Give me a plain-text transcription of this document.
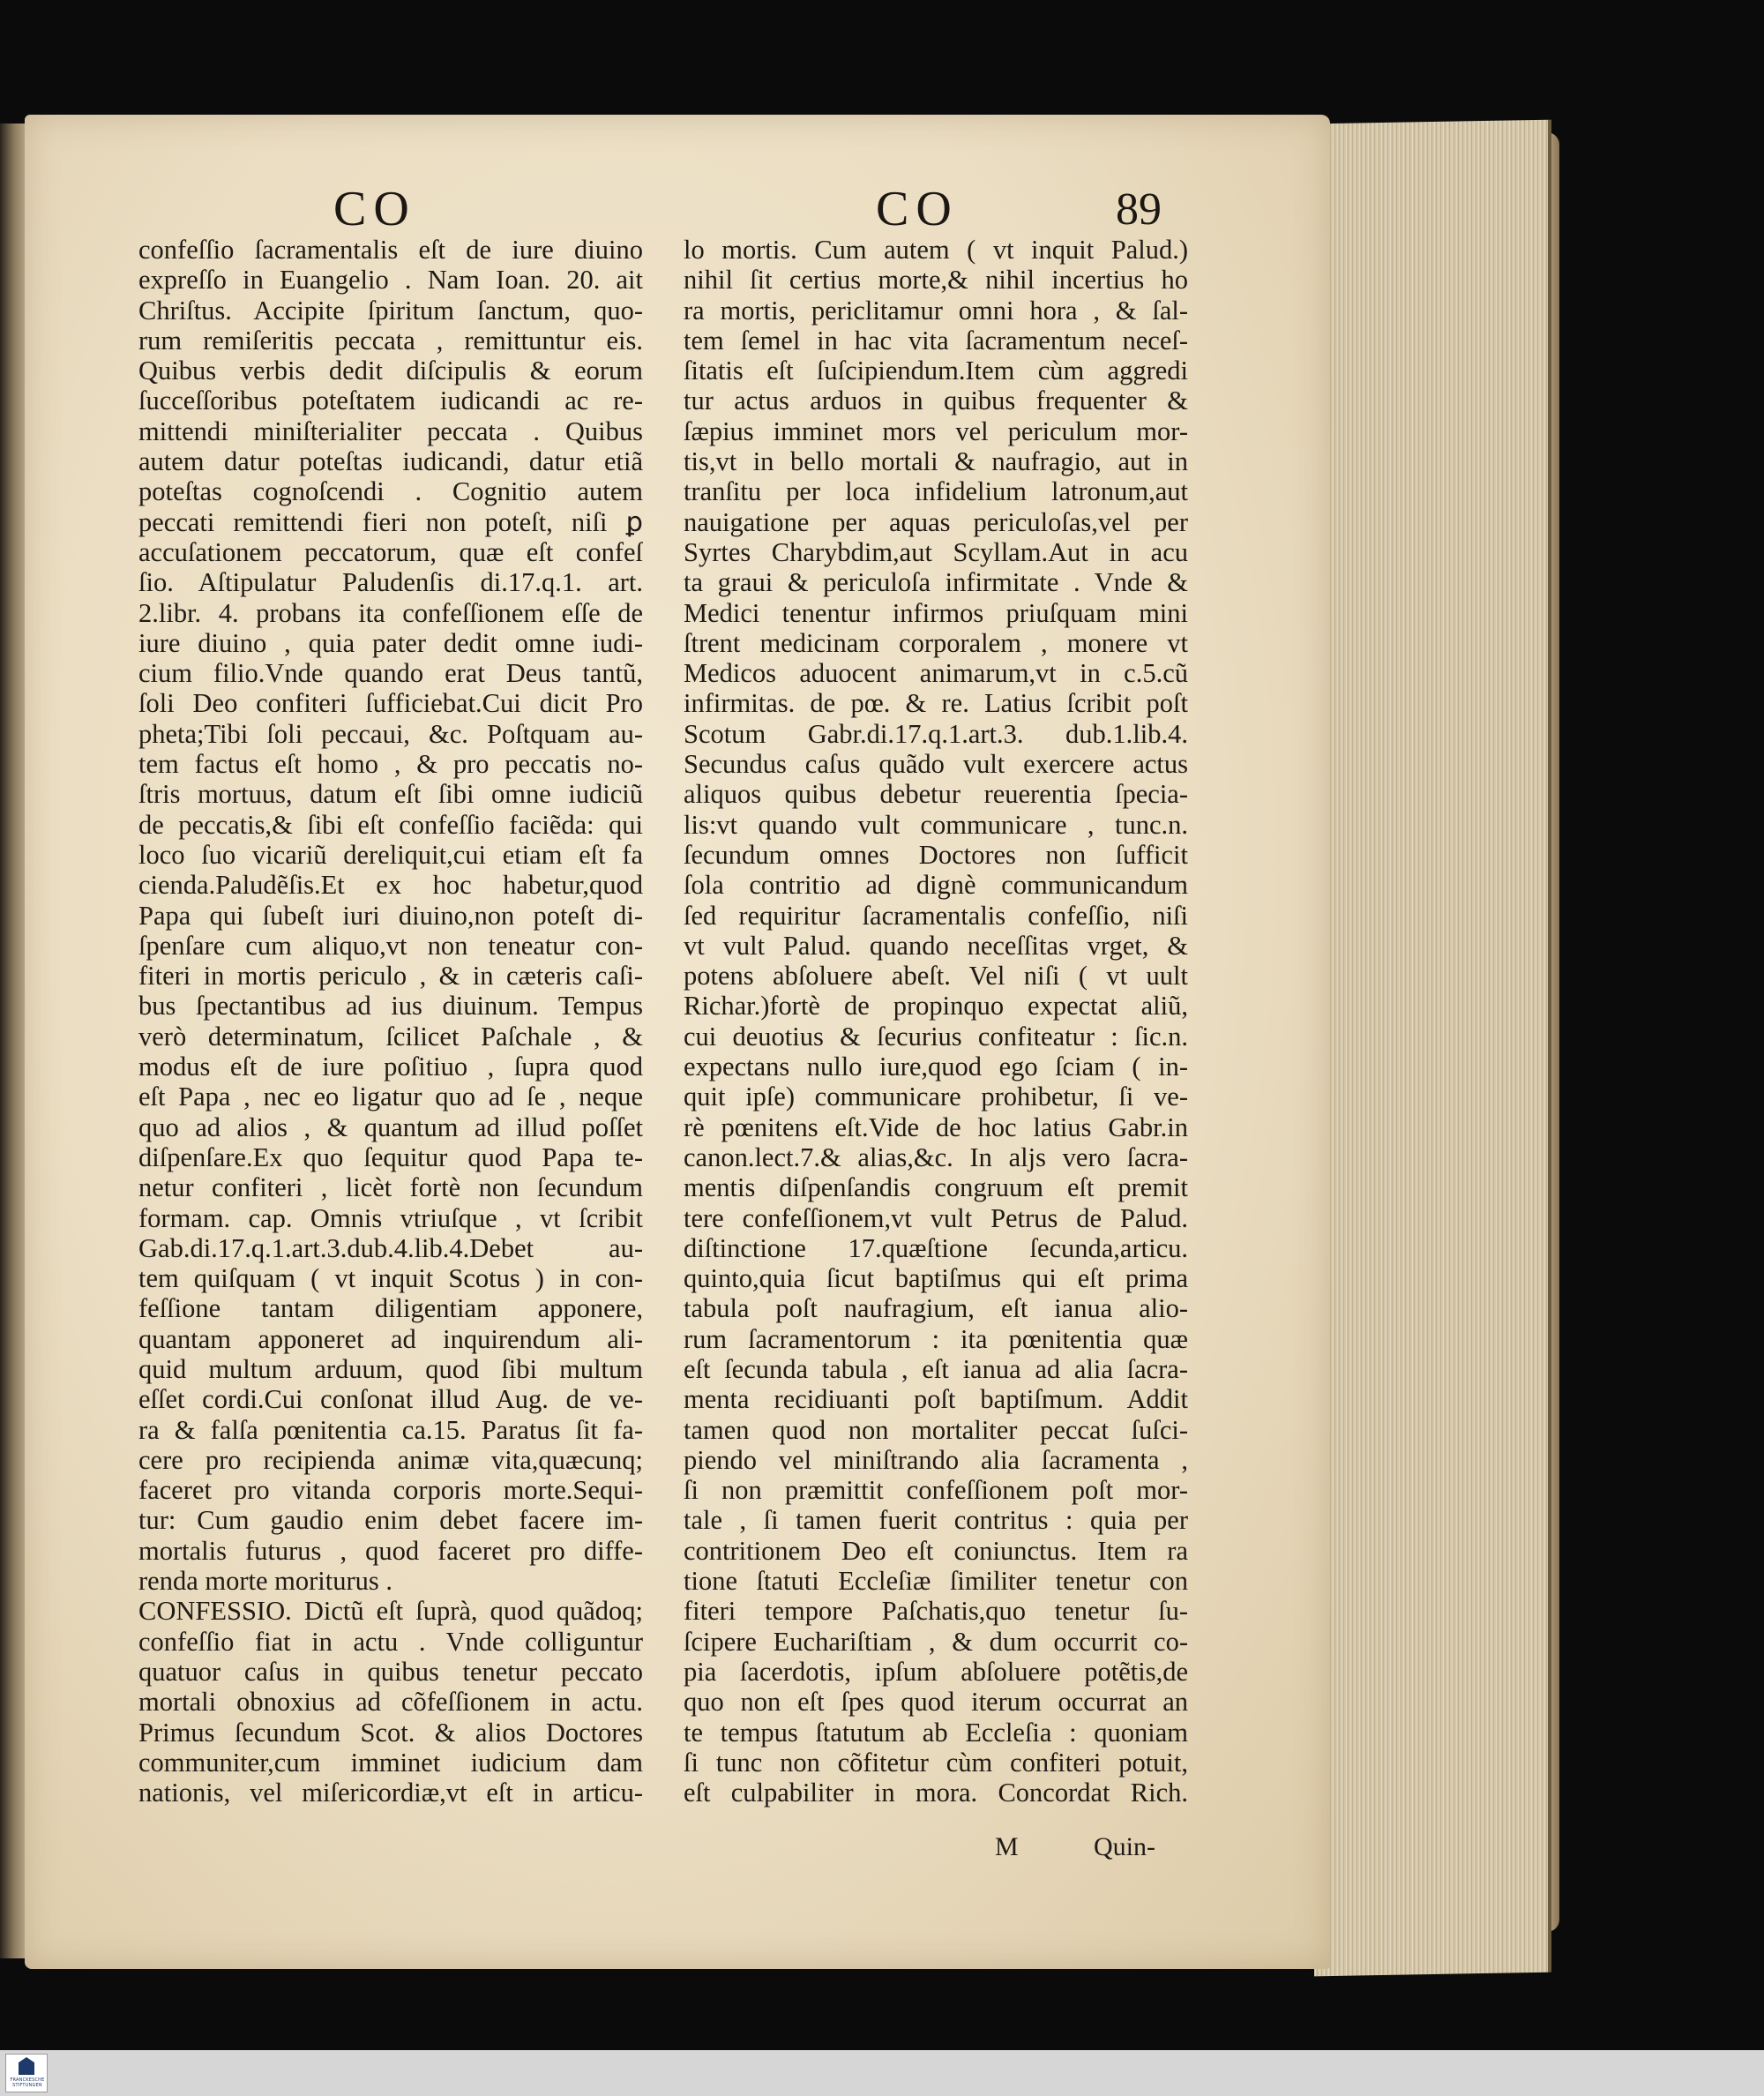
CO	CO	89

confeſſio ſacramentalis eſt de iure diuino

expreſſo in Euangelio . Nam Ioan. 20. ait

Chriſtus. Accipite ſpiritum ſanctum, quo-

rum remiſeritis peccata , remittuntur eis.

Quibus verbis dedit diſcipulis & eorum

ſucceſſoribus poteſtatem iudicandi ac re-

mittendi miniſterialiter peccata . Quibus

autem datur poteſtas iudicandi, datur etiã

poteſtas cognoſcendi . Cognitio autem

peccati remittendi fieri non poteſt, niſi ꝑ

accuſationem peccatorum, quæ eſt confeſ

ſio. Aſtipulatur Paludenſis di.17.q.1. art.

2.libr. 4. probans ita confeſſionem eſſe de

iure diuino , quia pater dedit omne iudi-

cium filio.Vnde quando erat Deus tantũ,

ſoli Deo confiteri ſufficiebat.Cui dicit Pro

pheta;Tibi ſoli peccaui, &c. Poſtquam au-

tem factus eſt homo , & pro peccatis no-

ſtris mortuus, datum eſt ſibi omne iudiciũ

de peccatis,& ſibi eſt confeſſio faciẽda: qui

loco ſuo vicariũ dereliquit,cui etiam eſt fa

cienda.Paludẽſis.Et ex hoc habetur,quod

Papa qui ſubeſt iuri diuino,non poteſt di-

ſpenſare cum aliquo,vt non teneatur con-

fiteri in mortis periculo , & in cæteris caſi-

bus ſpectantibus ad ius diuinum. Tempus

verò determinatum, ſcilicet Paſchale , &

modus eſt de iure poſitiuo , ſupra quod

eſt Papa , nec eo ligatur quo ad ſe , neque

quo ad alios , & quantum ad illud poſſet

diſpenſare.Ex quo ſequitur quod Papa te-

netur confiteri , licèt fortè non ſecundum

formam. cap. Omnis vtriuſque , vt ſcribit

Gab.di.17.q.1.art.3.dub.4.lib.4.Debet au-

tem quiſquam ( vt inquit Scotus ) in con-

feſſione tantam diligentiam apponere,

quantam apponeret ad inquirendum ali-

quid multum arduum, quod ſibi multum

eſſet cordi.Cui conſonat illud Aug. de ve-

ra & falſa pœnitentia ca.15. Paratus ſit fa-

cere pro recipienda animæ vita,quæcunq;

faceret pro vitanda corporis morte.Sequi-

tur: Cum gaudio enim debet facere im-

mortalis futurus , quod faceret pro diffe-

renda morte moriturus .

CONFESSIO. Dictũ eſt ſuprà, quod quãdoq;

confeſſio fiat in actu . Vnde colliguntur

quatuor caſus in quibus tenetur peccato

mortali obnoxius ad cõfeſſionem in actu.

Primus ſecundum Scot. & alios Doctores

communiter,cum imminet iudicium dam

nationis, vel miſericordiæ,vt eſt in articu-

lo mortis. Cum autem ( vt inquit Palud.)

nihil ſit certius morte,& nihil incertius ho

ra mortis, periclitamur omni hora , & ſal-

tem ſemel in hac vita ſacramentum neceſ-

ſitatis eſt ſuſcipiendum.Item cùm aggredi

tur actus arduos in quibus frequenter &

ſæpius imminet mors vel periculum mor-

tis,vt in bello mortali & naufragio, aut in

tranſitu per loca infidelium latronum,aut

nauigatione per aquas periculoſas,vel per

Syrtes Charybdim,aut Scyllam.Aut in acu

ta graui & periculoſa infirmitate . Vnde &

Medici tenentur infirmos priuſquam mini

ſtrent medicinam corporalem , monere vt

Medicos aduocent animarum,vt in c.5.cũ

infirmitas. de pœ. & re. Latius ſcribit poſt

Scotum Gabr.di.17.q.1.art.3. dub.1.lib.4.

Secundus caſus quãdo vult exercere actus

aliquos quibus debetur reuerentia ſpecia-

lis:vt quando vult communicare , tunc.n.

ſecundum omnes Doctores non ſufficit

ſola contritio ad dignè communicandum

ſed requiritur ſacramentalis confeſſio, niſi

vt vult Palud. quando neceſſitas vrget, &

potens abſoluere abeſt. Vel niſi ( vt uult

Richar.)fortè de propinquo expectat aliũ,

cui deuotius & ſecurius confiteatur : ſic.n.

expectans nullo iure,quod ego ſciam ( in-

quit ipſe) communicare prohibetur, ſi ve-

rè pœnitens eſt.Vide de hoc latius Gabr.in

canon.lect.7.& alias,&c. In aljs vero ſacra-

mentis diſpenſandis congruum eſt premit

tere confeſſionem,vt vult Petrus de Palud.

diſtinctione 17.quæſtione ſecunda,articu.

quinto,quia ſicut baptiſmus qui eſt prima

tabula poſt naufragium, eſt ianua alio-

rum ſacramentorum : ita pœnitentia quæ

eſt ſecunda tabula , eſt ianua ad alia ſacra-

menta recidiuanti poſt baptiſmum. Addit

tamen quod non mortaliter peccat ſuſci-

piendo vel miniſtrando alia ſacramenta ,

ſi non præmittit confeſſionem poſt mor-

tale , ſi tamen fuerit contritus : quia per

contritionem Deo eſt coniunctus. Item ra

tione ſtatuti Eccleſiæ ſimiliter tenetur con

fiteri tempore Paſchatis,quo tenetur ſu-

ſcipere Euchariſtiam , & dum occurrit co-

pia ſacerdotis, ipſum abſoluere potẽtis,de

quo non eſt ſpes quod iterum occurrat an

te tempus ſtatutum ab Eccleſia : quoniam

ſi tunc non cõfitetur cùm confiteri potuit,

eſt culpabiliter in mora. Concordat Rich.

M	Quin-
FRANCKESCHE STIFTUNGEN
